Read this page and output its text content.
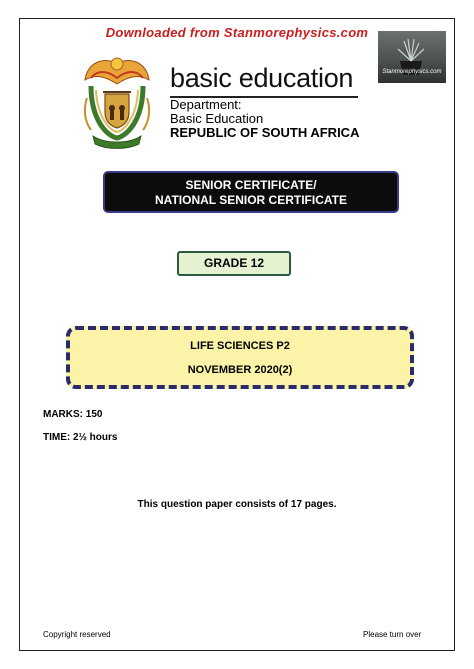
Downloaded from Stanmorephysics.com
basic education
Department:
Basic Education
REPUBLIC OF SOUTH AFRICA
Stanmorephysics.com
SENIOR CERTIFICATE/
NATIONAL SENIOR CERTIFICATE
GRADE 12
LIFE SCIENCES P2
NOVEMBER 2020(2)
MARKS: 150
TIME: 2½ hours
This question paper consists of 17 pages.
Copyright reserved	Please turn over
